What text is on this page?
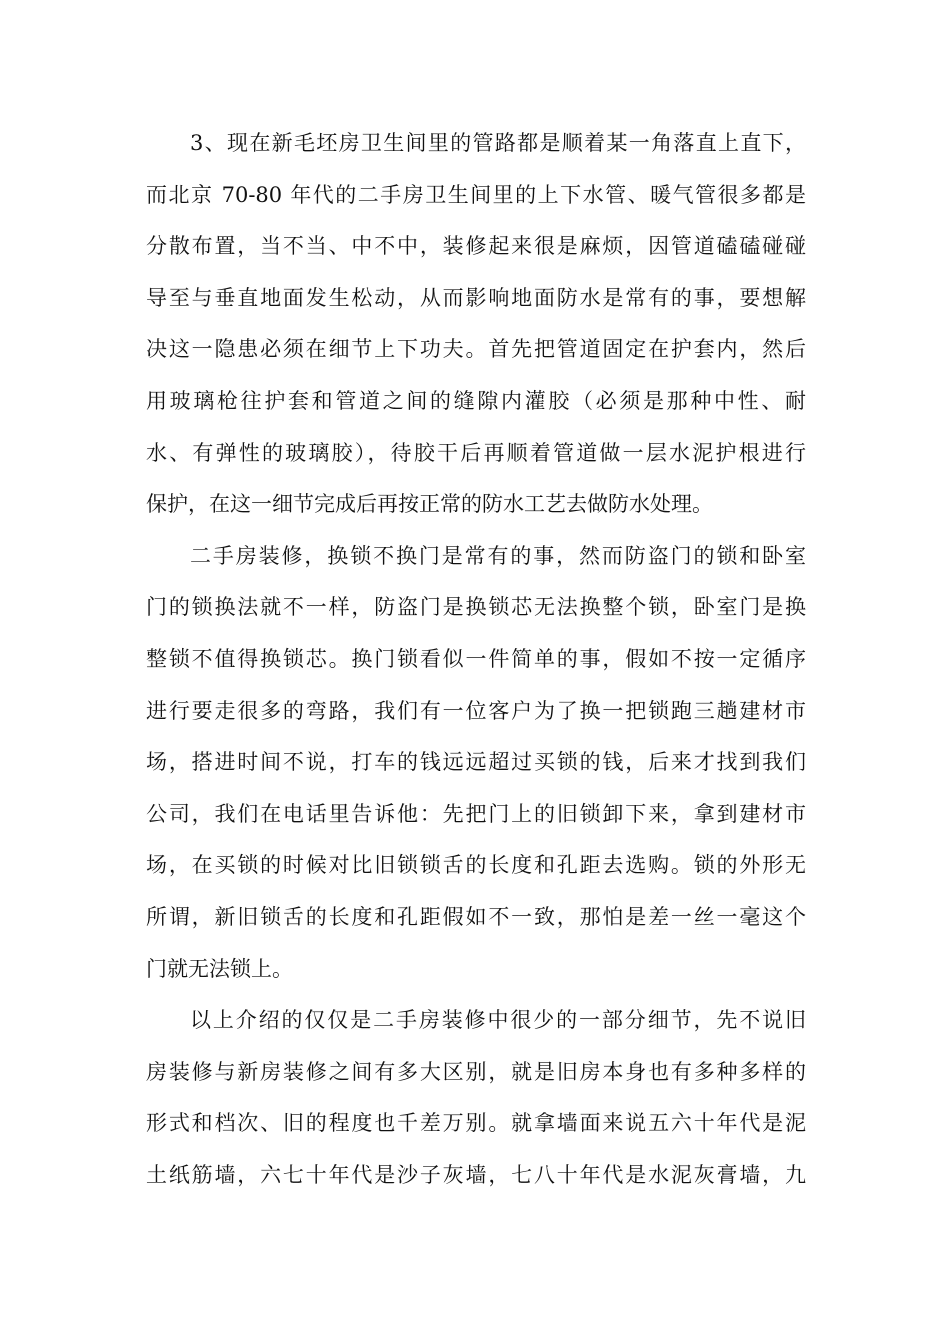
3、现在新毛坯房卫生间里的管路都是顺着某一角落直上直下，
而北京 70-80 年代的二手房卫生间里的上下水管、暖气管很多都是
分散布置，当不当、中不中，装修起来很是麻烦，因管道磕磕碰碰
导至与垂直地面发生松动，从而影响地面防水是常有的事，要想解
决这一隐患必须在细节上下功夫。首先把管道固定在护套内，然后
用玻璃枪往护套和管道之间的缝隙内灌胶（必须是那种中性、耐
水、有弹性的玻璃胶），待胶干后再顺着管道做一层水泥护根进行
保护，在这一细节完成后再按正常的防水工艺去做防水处理。
二手房装修，换锁不换门是常有的事，然而防盗门的锁和卧室
门的锁换法就不一样，防盗门是换锁芯无法换整个锁，卧室门是换
整锁不值得换锁芯。换门锁看似一件简单的事，假如不按一定循序
进行要走很多的弯路，我们有一位客户为了换一把锁跑三趟建材市
场，搭进时间不说，打车的钱远远超过买锁的钱，后来才找到我们
公司，我们在电话里告诉他：先把门上的旧锁卸下来，拿到建材市
场，在买锁的时候对比旧锁锁舌的长度和孔距去选购。锁的外形无
所谓，新旧锁舌的长度和孔距假如不一致，那怕是差一丝一毫这个
门就无法锁上。
以上介绍的仅仅是二手房装修中很少的一部分细节，先不说旧
房装修与新房装修之间有多大区别，就是旧房本身也有多种多样的
形式和档次、旧的程度也千差万别。就拿墙面来说五六十年代是泥
土纸筋墙，六七十年代是沙子灰墙，七八十年代是水泥灰膏墙，九
